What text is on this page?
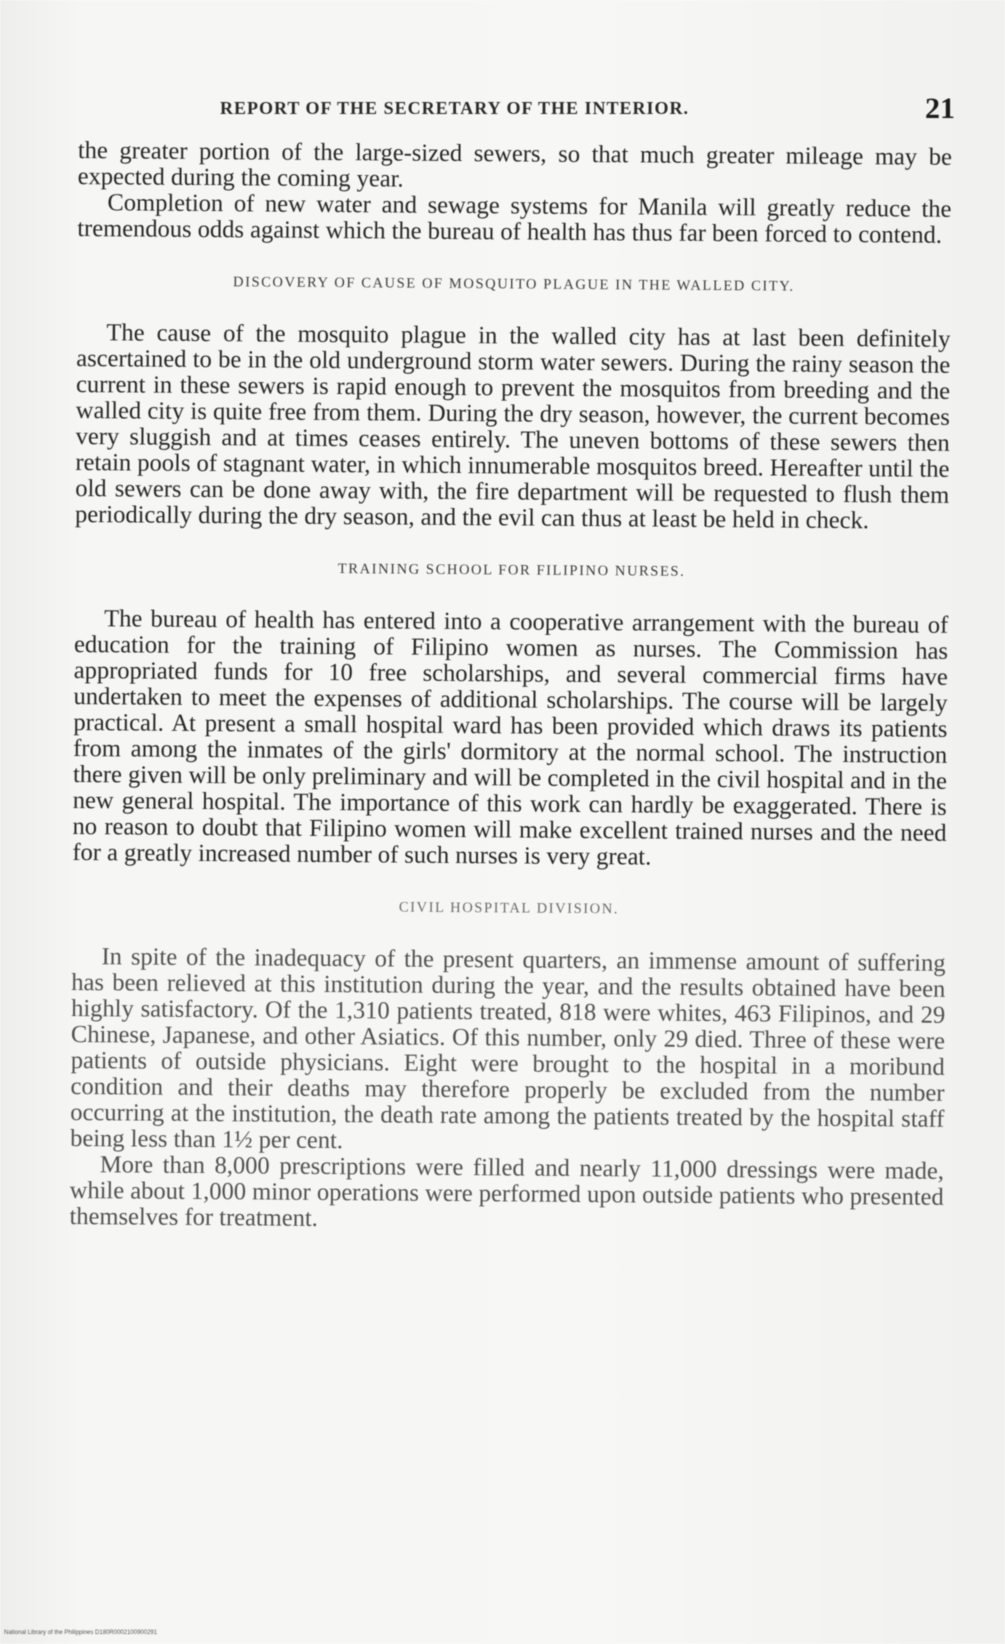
REPORT OF THE SECRETARY OF THE INTERIOR.	21

the greater portion of the large-sized sewers, so that much greater mileage may be expected during the coming year.

Completion of new water and sewage systems for Manila will greatly reduce the tremendous odds against which the bureau of health has thus far been forced to contend.

DISCOVERY OF CAUSE OF MOSQUITO PLAGUE IN THE WALLED CITY.

The cause of the mosquito plague in the walled city has at last been definitely ascertained to be in the old underground storm water sewers. During the rainy season the current in these sewers is rapid enough to prevent the mosquitos from breeding and the walled city is quite free from them. During the dry season, however, the current becomes very sluggish and at times ceases entirely. The uneven bottoms of these sewers then retain pools of stagnant water, in which innumerable mosquitos breed. Hereafter until the old sewers can be done away with, the fire department will be requested to flush them periodically during the dry season, and the evil can thus at least be held in check.

TRAINING SCHOOL FOR FILIPINO NURSES.

The bureau of health has entered into a cooperative arrangement with the bureau of education for the training of Filipino women as nurses. The Commission has appropriated funds for 10 free scholarships, and several commercial firms have undertaken to meet the expenses of additional scholarships. The course will be largely practical. At present a small hospital ward has been provided which draws its patients from among the inmates of the girls' dormitory at the normal school. The instruction there given will be only preliminary and will be completed in the civil hospital and in the new general hospital. The importance of this work can hardly be exaggerated. There is no reason to doubt that Filipino women will make excellent trained nurses and the need for a greatly increased number of such nurses is very great.

CIVIL HOSPITAL DIVISION.

In spite of the inadequacy of the present quarters, an immense amount of suffering has been relieved at this institution during the year, and the results obtained have been highly satisfactory. Of the 1,310 patients treated, 818 were whites, 463 Filipinos, and 29 Chinese, Japanese, and other Asiatics. Of this number, only 29 died. Three of these were patients of outside physicians. Eight were brought to the hospital in a moribund condition and their deaths may therefore properly be excluded from the number occurring at the institution, the death rate among the patients treated by the hospital staff being less than 1½ per cent.

More than 8,000 prescriptions were filled and nearly 11,000 dressings were made, while about 1,000 minor operations were performed upon outside patients who presented themselves for treatment.

National Library of the Philippines D180R0002100900291
